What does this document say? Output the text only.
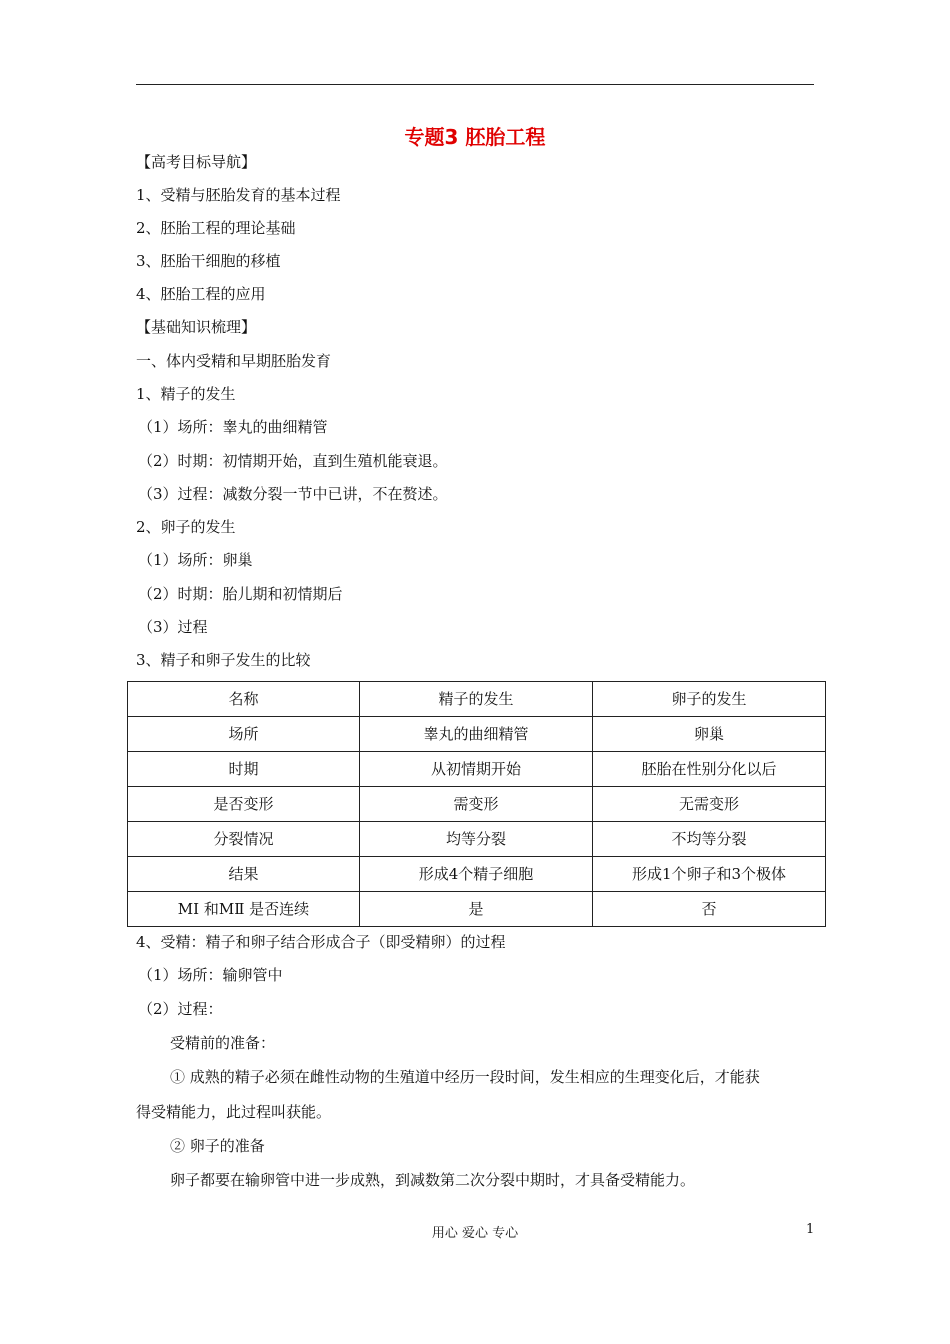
专题3 胚胎工程
【高考目标导航】
1、受精与胚胎发育的基本过程
2、胚胎工程的理论基础
3、胚胎干细胞的移植
4、胚胎工程的应用
【基础知识梳理】
一、体内受精和早期胚胎发育
1、精子的发生
（1）场所：睾丸的曲细精管
（2）时期：初情期开始，直到生殖机能衰退。
（3）过程：减数分裂一节中已讲，不在赘述。
2、卵子的发生
（1）场所：卵巢
（2）时期：胎儿期和初情期后
（3）过程
3、精子和卵子发生的比较
名称	精子的发生	卵子的发生
场所	睾丸的曲细精管	卵巢
时期	从初情期开始	胚胎在性别分化以后
是否变形	需变形	无需变形
分裂情况	均等分裂	不均等分裂
结果	形成4个精子细胞	形成1个卵子和3个极体
MⅠ 和MⅡ 是否连续	是	否
4、受精：精子和卵子结合形成合子（即受精卵）的过程
（1）场所：输卵管中
（2）过程：
受精前的准备：
① 成熟的精子必须在雌性动物的生殖道中经历一段时间，发生相应的生理变化后，才能获
得受精能力，此过程叫获能。
② 卵子的准备
卵子都要在输卵管中进一步成熟，到减数第二次分裂中期时，才具备受精能力。
用心 爱心 专心	1
